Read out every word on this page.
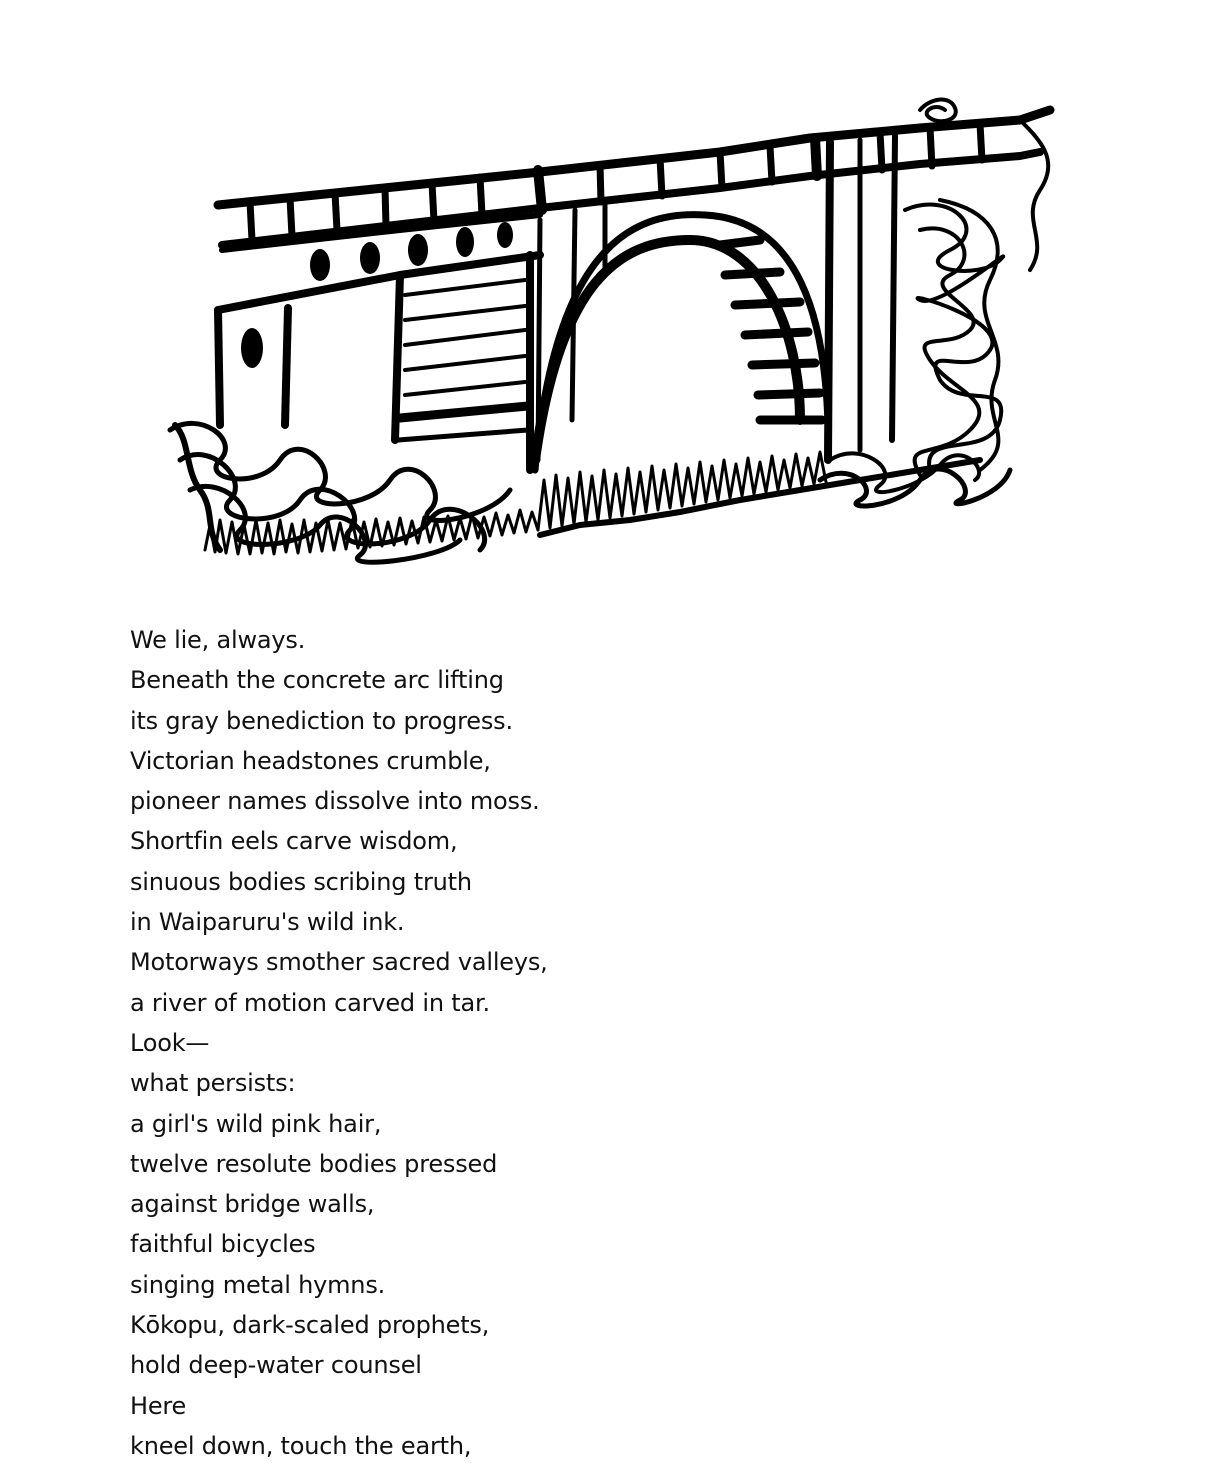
We lie, always.
Beneath the concrete arc lifting
its gray benediction to progress.
Victorian headstones crumble,
pioneer names dissolve into moss.
Shortfin eels carve wisdom,
sinuous bodies scribing truth
in Waiparuru's wild ink.
Motorways smother sacred valleys,
a river of motion carved in tar.
Look—
what persists:
a girl's wild pink hair,
twelve resolute bodies pressed
against bridge walls,
faithful bicycles
singing metal hymns.
Kōkopu, dark-scaled prophets,
hold deep-water counsel
Here
kneel down, touch the earth,
